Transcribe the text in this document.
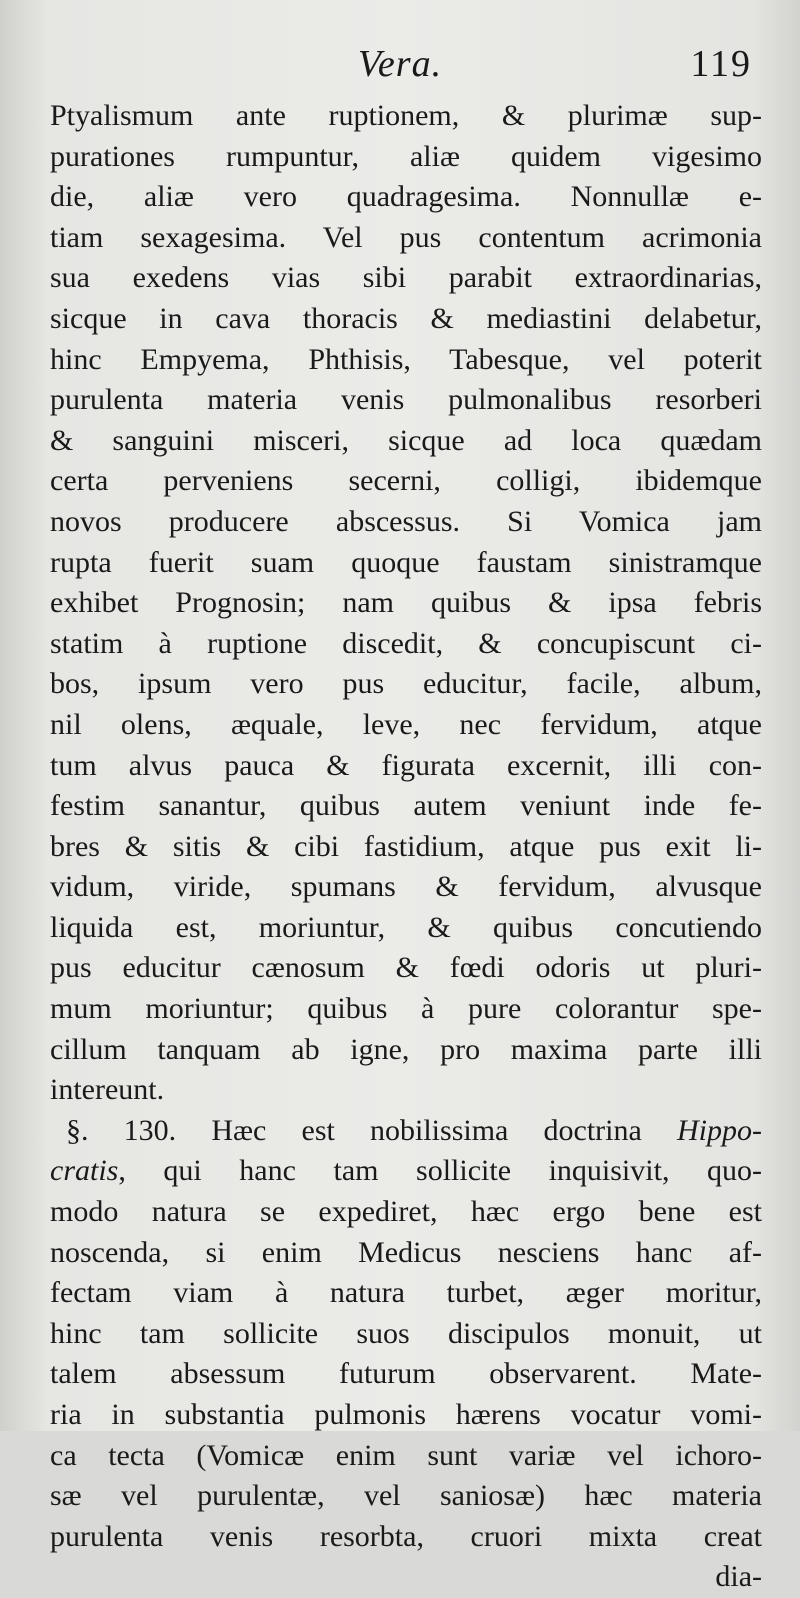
Vera.	119
Ptyalismum ante ruptionem, & plurimæ sup-
purationes rumpuntur, aliæ quidem vigesimo
die, aliæ vero quadragesima. Nonnullæ e-
tiam sexagesima. Vel pus contentum acrimonia
sua exedens vias sibi parabit extraordinarias,
sicque in cava thoracis & mediastini delabetur,
hinc Empyema, Phthisis, Tabesque, vel poterit
purulenta materia venis pulmonalibus resorberi
& sanguini misceri, sicque ad loca quædam
certa perveniens secerni, colligi, ibidemque
novos producere abscessus. Si Vomica jam
rupta fuerit suam quoque faustam sinistramque
exhibet Prognosin; nam quibus & ipsa febris
statim à ruptione discedit, & concupiscunt ci-
bos, ipsum vero pus educitur, facile, album,
nil olens, æquale, leve, nec fervidum, atque
tum alvus pauca & figurata excernit, illi con-
festim sanantur, quibus autem veniunt inde fe-
bres & sitis & cibi fastidium, atque pus exit li-
vidum, viride, spumans & fervidum, alvusque
liquida est, moriuntur, & quibus concutiendo
pus educitur cænosum & fœdi odoris ut pluri-
mum moriuntur; quibus à pure colorantur spe-
cillum tanquam ab igne, pro maxima parte illi
intereunt.
§. 130. Hæc est nobilissima doctrina Hippo-
cratis, qui hanc tam sollicite inquisivit, quo-
modo natura se expediret, hæc ergo bene est
noscenda, si enim Medicus nesciens hanc af-
fectam viam à natura turbet, æger moritur,
hinc tam sollicite suos discipulos monuit, ut
talem absessum futurum observarent. Mate-
ria in substantia pulmonis hærens vocatur vomi-
ca tecta (Vomicæ enim sunt variæ vel ichoro-
sæ vel purulentæ, vel saniosæ) hæc materia
purulenta venis resorbta, cruori mixta creat
dia-
